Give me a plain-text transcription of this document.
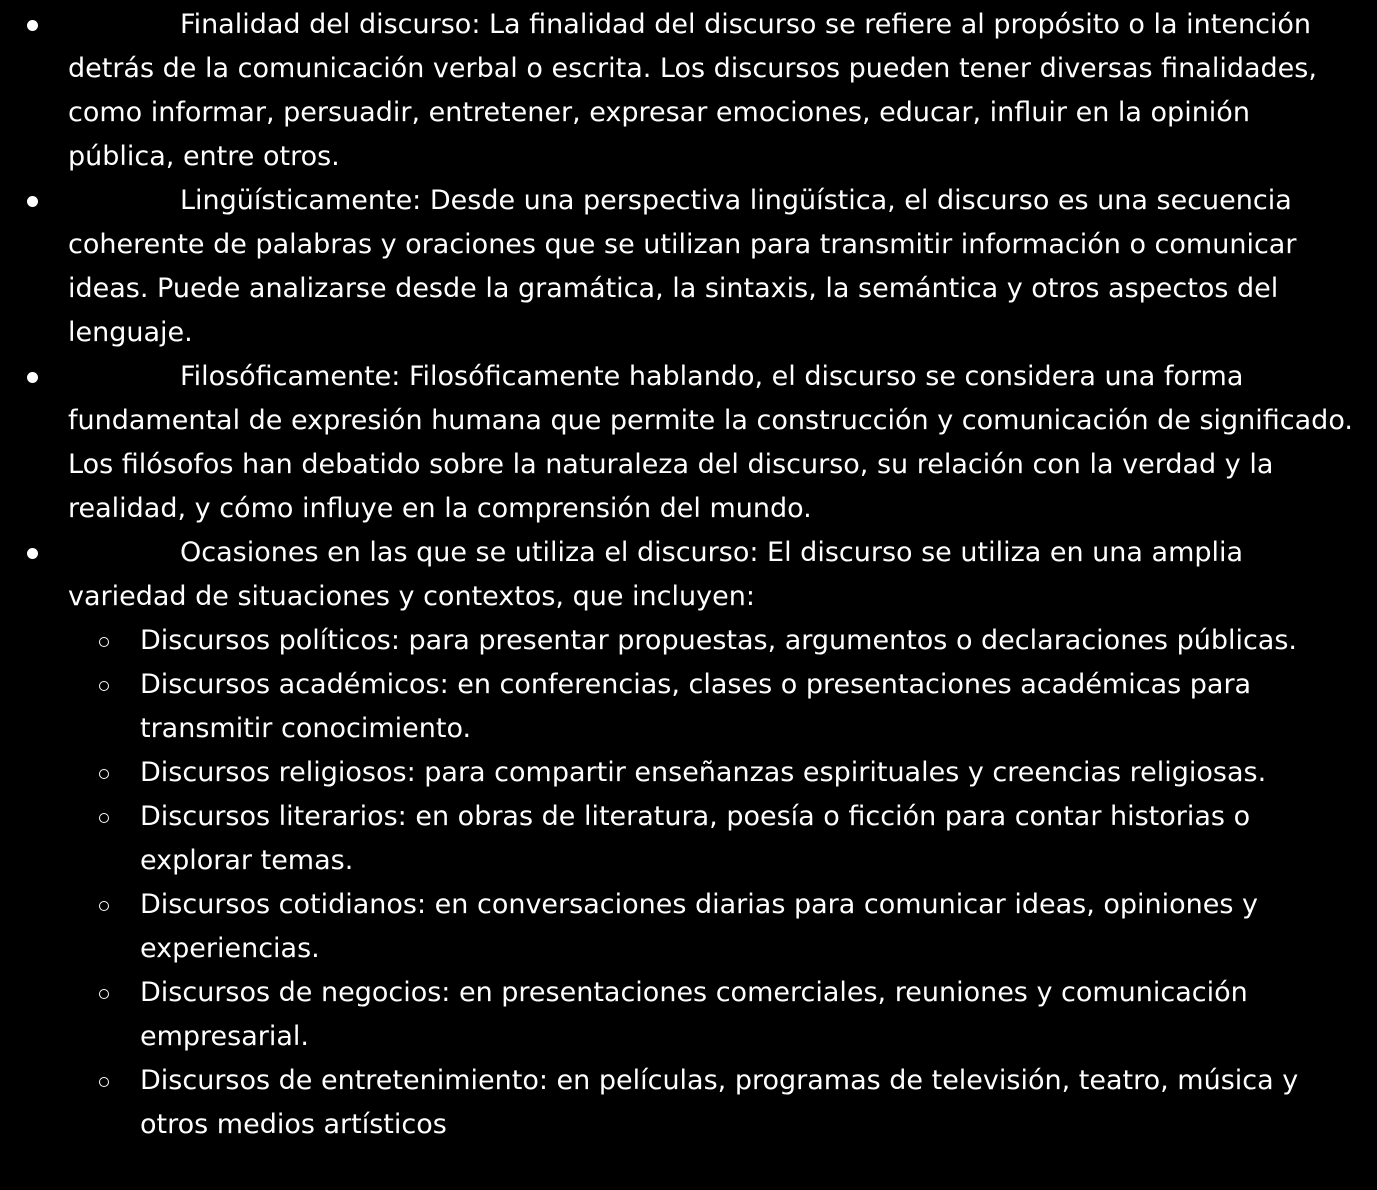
Finalidad del discurso: La finalidad del discurso se refiere al propósito o la intención detrás de la comunicación verbal o escrita. Los discursos pueden tener diversas finalidades, como informar, persuadir, entretener, expresar emociones, educar, influir en la opinión pública, entre otros.
Lingüísticamente: Desde una perspectiva lingüística, el discurso es una secuencia coherente de palabras y oraciones que se utilizan para transmitir información o comunicar ideas. Puede analizarse desde la gramática, la sintaxis, la semántica y otros aspectos del lenguaje.
Filosóficamente: Filosóficamente hablando, el discurso se considera una forma fundamental de expresión humana que permite la construcción y comunicación de significado. Los filósofos han debatido sobre la naturaleza del discurso, su relación con la verdad y la realidad, y cómo influye en la comprensión del mundo.
Ocasiones en las que se utiliza el discurso: El discurso se utiliza en una amplia variedad de situaciones y contextos, que incluyen:
Discursos políticos: para presentar propuestas, argumentos o declaraciones públicas.
Discursos académicos: en conferencias, clases o presentaciones académicas para transmitir conocimiento.
Discursos religiosos: para compartir enseñanzas espirituales y creencias religiosas.
Discursos literarios: en obras de literatura, poesía o ficción para contar historias o explorar temas.
Discursos cotidianos: en conversaciones diarias para comunicar ideas, opiniones y experiencias.
Discursos de negocios: en presentaciones comerciales, reuniones y comunicación empresarial.
Discursos de entretenimiento: en películas, programas de televisión, teatro, música y otros medios artísticos
